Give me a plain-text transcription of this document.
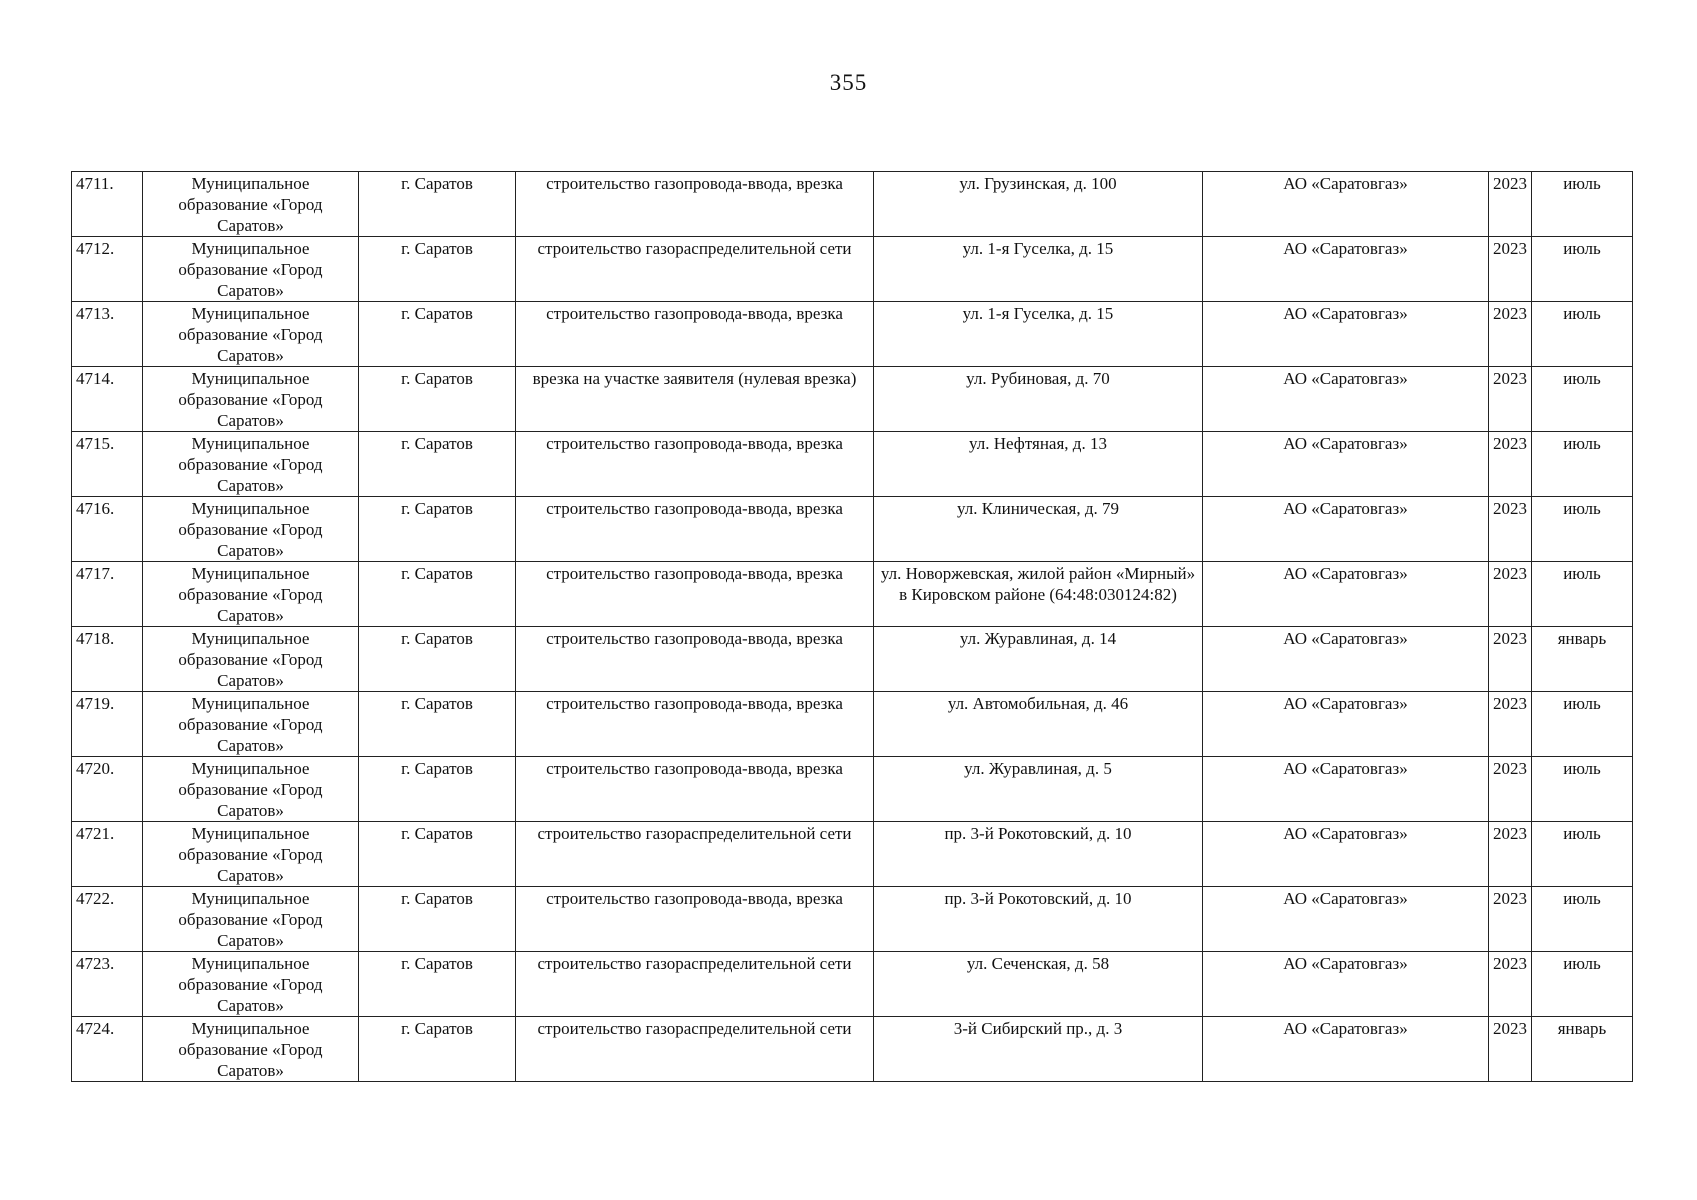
355
4711.	Муниципальное образование «Город Саратов»	г. Саратов	строительство газопровода-ввода, врезка	ул. Грузинская, д. 100	АО «Саратовгаз»	2023	июль
4712.	Муниципальное образование «Город Саратов»	г. Саратов	строительство газораспределительной сети	ул. 1-я Гуселка, д. 15	АО «Саратовгаз»	2023	июль
4713.	Муниципальное образование «Город Саратов»	г. Саратов	строительство газопровода-ввода, врезка	ул. 1-я Гуселка, д. 15	АО «Саратовгаз»	2023	июль
4714.	Муниципальное образование «Город Саратов»	г. Саратов	врезка на участке заявителя (нулевая врезка)	ул. Рубиновая, д. 70	АО «Саратовгаз»	2023	июль
4715.	Муниципальное образование «Город Саратов»	г. Саратов	строительство газопровода-ввода, врезка	ул. Нефтяная, д. 13	АО «Саратовгаз»	2023	июль
4716.	Муниципальное образование «Город Саратов»	г. Саратов	строительство газопровода-ввода, врезка	ул. Клиническая, д. 79	АО «Саратовгаз»	2023	июль
4717.	Муниципальное образование «Город Саратов»	г. Саратов	строительство газопровода-ввода, врезка	ул. Новоржевская, жилой район «Мирный» в Кировском районе (64:48:030124:82)	АО «Саратовгаз»	2023	июль
4718.	Муниципальное образование «Город Саратов»	г. Саратов	строительство газопровода-ввода, врезка	ул. Журавлиная, д. 14	АО «Саратовгаз»	2023	январь
4719.	Муниципальное образование «Город Саратов»	г. Саратов	строительство газопровода-ввода, врезка	ул. Автомобильная, д. 46	АО «Саратовгаз»	2023	июль
4720.	Муниципальное образование «Город Саратов»	г. Саратов	строительство газопровода-ввода, врезка	ул. Журавлиная, д. 5	АО «Саратовгаз»	2023	июль
4721.	Муниципальное образование «Город Саратов»	г. Саратов	строительство газораспределительной сети	пр. 3-й Рокотовский, д. 10	АО «Саратовгаз»	2023	июль
4722.	Муниципальное образование «Город Саратов»	г. Саратов	строительство газопровода-ввода, врезка	пр. 3-й Рокотовский, д. 10	АО «Саратовгаз»	2023	июль
4723.	Муниципальное образование «Город Саратов»	г. Саратов	строительство газораспределительной сети	ул. Сеченская, д. 58	АО «Саратовгаз»	2023	июль
4724.	Муниципальное образование «Город Саратов»	г. Саратов	строительство газораспределительной сети	3-й Сибирский пр., д. 3	АО «Саратовгаз»	2023	январь
